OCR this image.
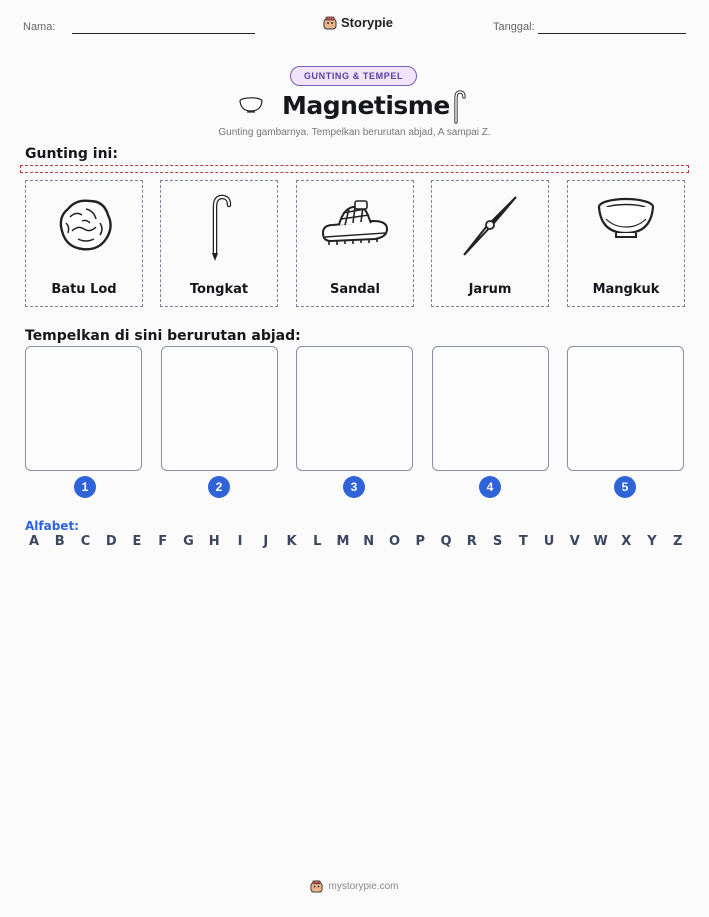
Nama:	Storypie	Tanggal:
GUNTING & TEMPEL
Magnetisme
Gunting gambarnya. Tempelkan berurutan abjad, A sampai Z.
Gunting ini:
Batu Lod	Tongkat	Sandal	Jarum	Mangkuk
Tempelkan di sini berurutan abjad:
1	2	3	4	5
Alfabet:
A	B	C	D	E	F	G H	I	J	K	L	M N O	P	Q	R	S	T	U	V	W	X	Y	Z
mystorypie.com
